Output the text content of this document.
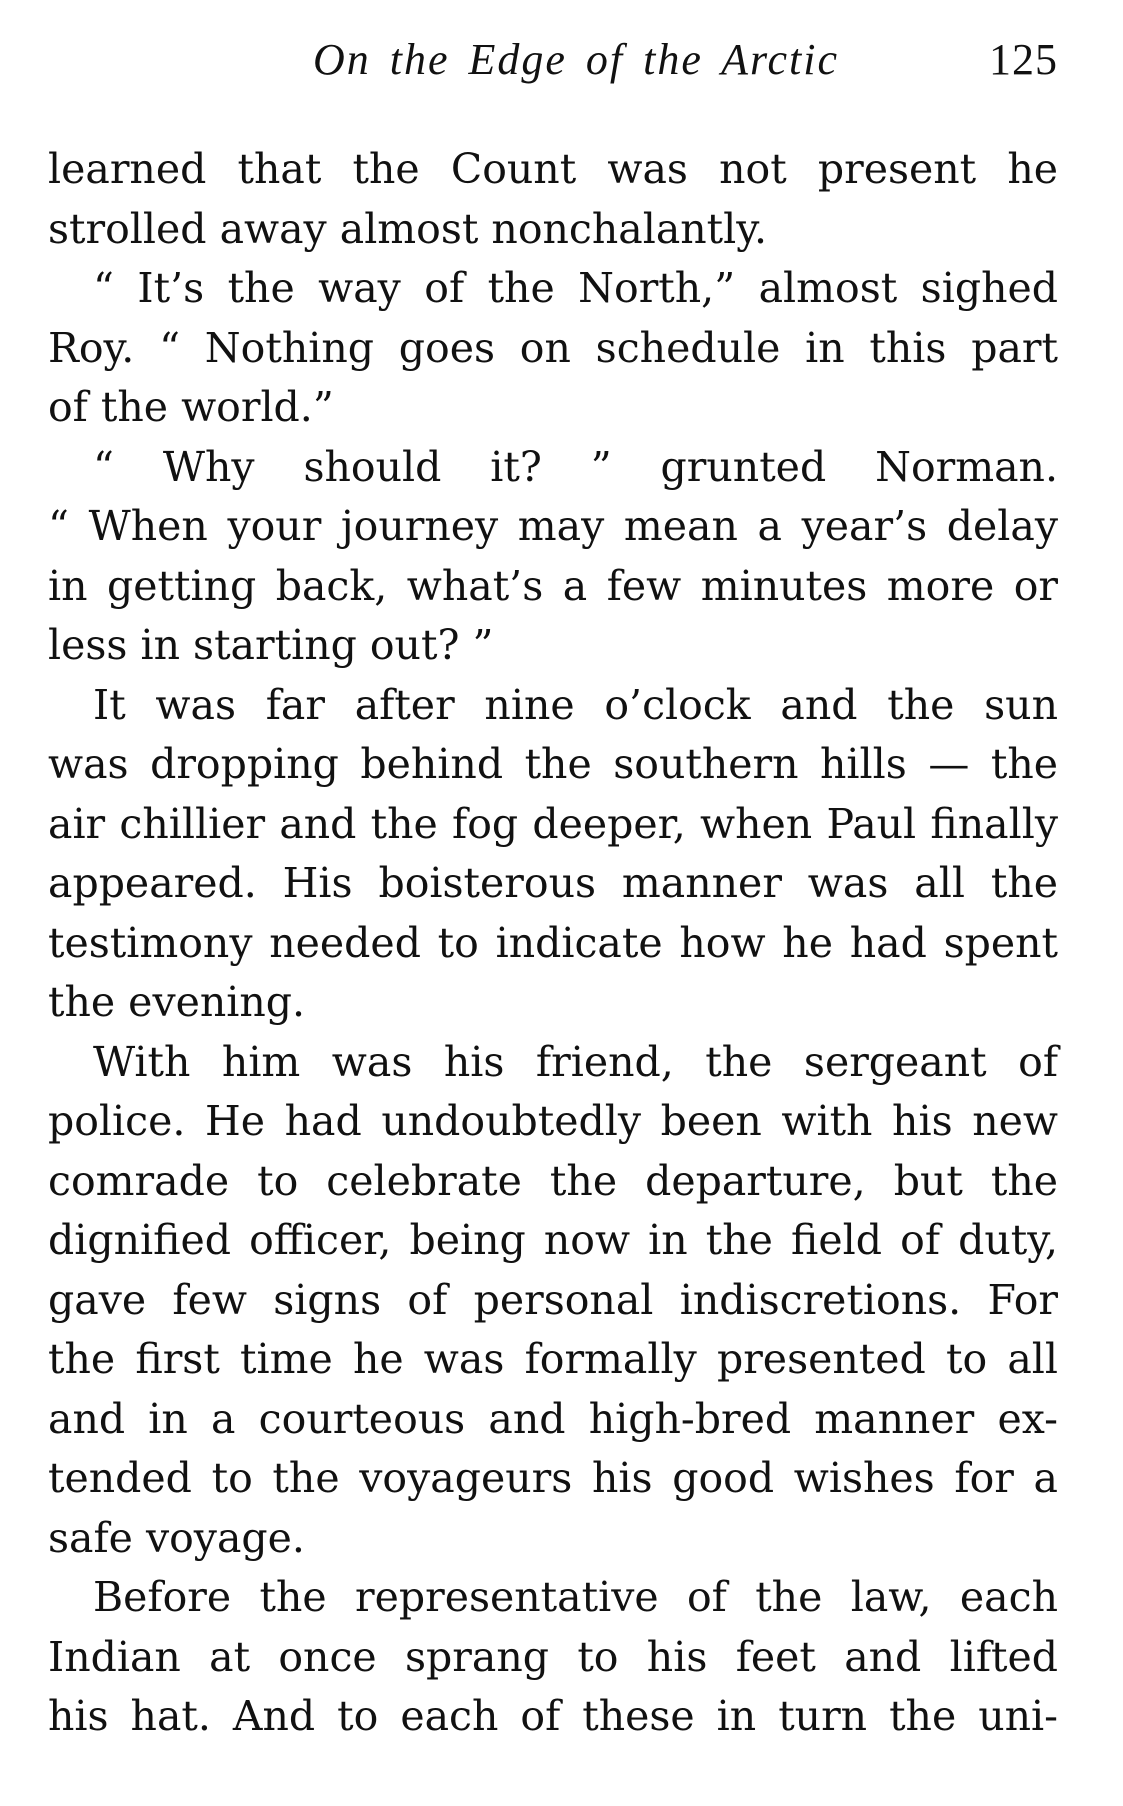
On the Edge of the Arctic	125
learned that the Count was not present he
strolled away almost nonchalantly.
“ It’s the way of the North,” almost sighed
Roy. “ Nothing goes on schedule in this part
of the world.”
“ Why should it? ” grunted Norman.
“ When your journey may mean a year’s delay
in getting back, what’s a few minutes more or
less in starting out? ”
It was far after nine o’clock and the sun
was dropping behind the southern hills — the
air chillier and the fog deeper, when Paul finally
appeared. His boisterous manner was all the
testimony needed to indicate how he had spent
the evening.
With him was his friend, the sergeant of
police. He had undoubtedly been with his new
comrade to celebrate the departure, but the
dignified officer, being now in the field of duty,
gave few signs of personal indiscretions. For
the first time he was formally presented to all
and in a courteous and high-bred manner ex-
tended to the voyageurs his good wishes for a
safe voyage.
Before the representative of the law, each
Indian at once sprang to his feet and lifted
his hat. And to each of these in turn the uni-
